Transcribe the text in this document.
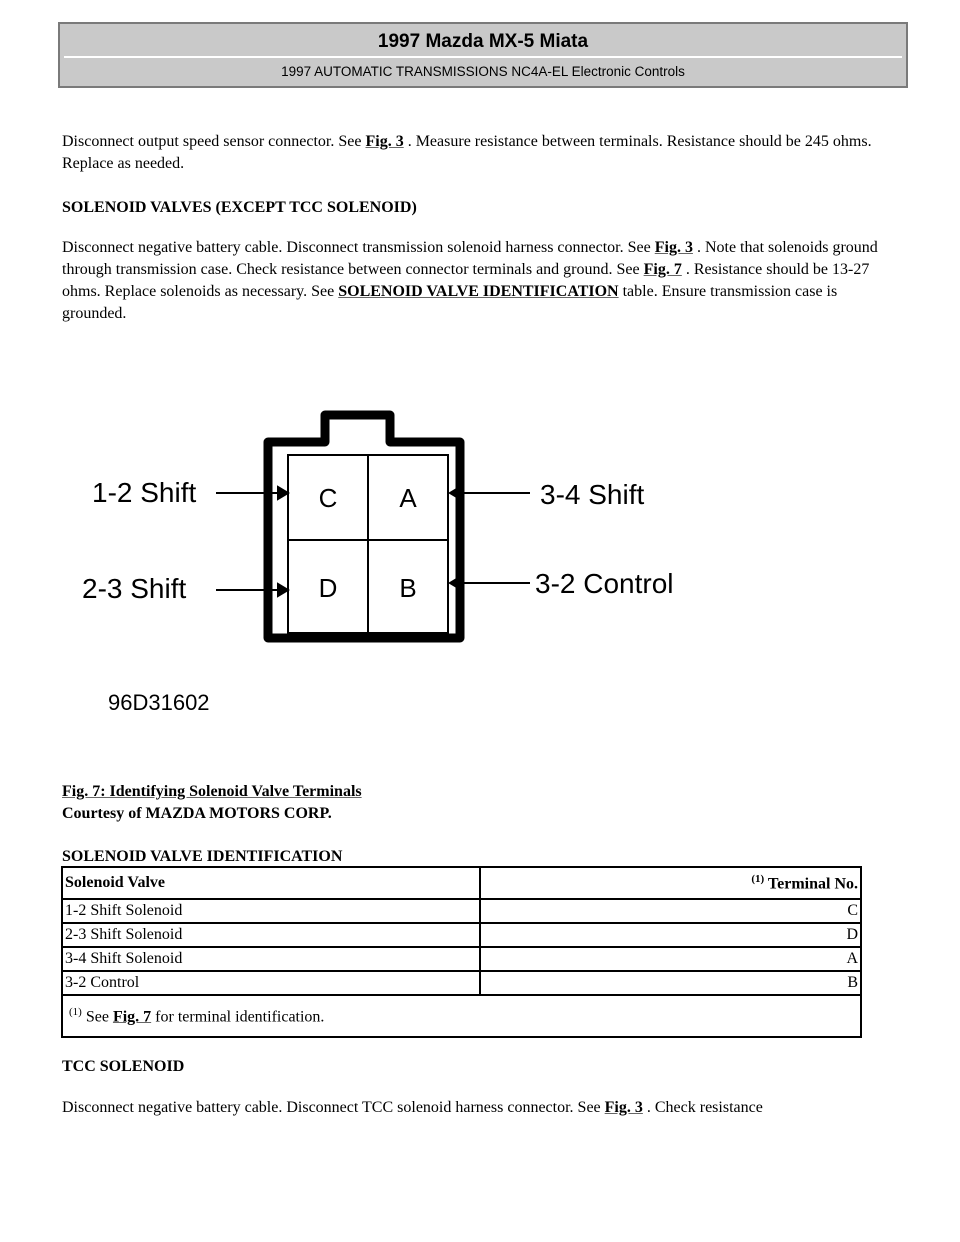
1997 Mazda MX-5 Miata
1997 AUTOMATIC TRANSMISSIONS NC4A-EL Electronic Controls

Disconnect output speed sensor connector. See Fig. 3 . Measure resistance between terminals. Resistance should be 245 ohms. Replace as needed.

SOLENOID VALVES (EXCEPT TCC SOLENOID)

Disconnect negative battery cable. Disconnect transmission solenoid harness connector. See Fig. 3 . Note that solenoids ground through transmission case. Check resistance between connector terminals and ground. See Fig. 7 . Resistance should be 13-27 ohms. Replace solenoids as necessary. See SOLENOID VALVE IDENTIFICATION table. Ensure transmission case is grounded.

C A
D B
1-2 Shift
2-3 Shift
3-4 Shift
3-2 Control
96D31602

Fig. 7: Identifying Solenoid Valve Terminals

Courtesy of MAZDA MOTORS CORP.

SOLENOID VALVE IDENTIFICATION

Solenoid Valve	$^{(1)}$ Terminal No.
1-2 Shift Solenoid	C
2-3 Shift Solenoid	D
3-4 Shift Solenoid	A
3-2 Control	B
$^{(1)}$ See Fig. 7 for terminal identification.	

TCC SOLENOID

Disconnect negative battery cable. Disconnect TCC solenoid harness connector. See Fig. 3 . Check resistance
